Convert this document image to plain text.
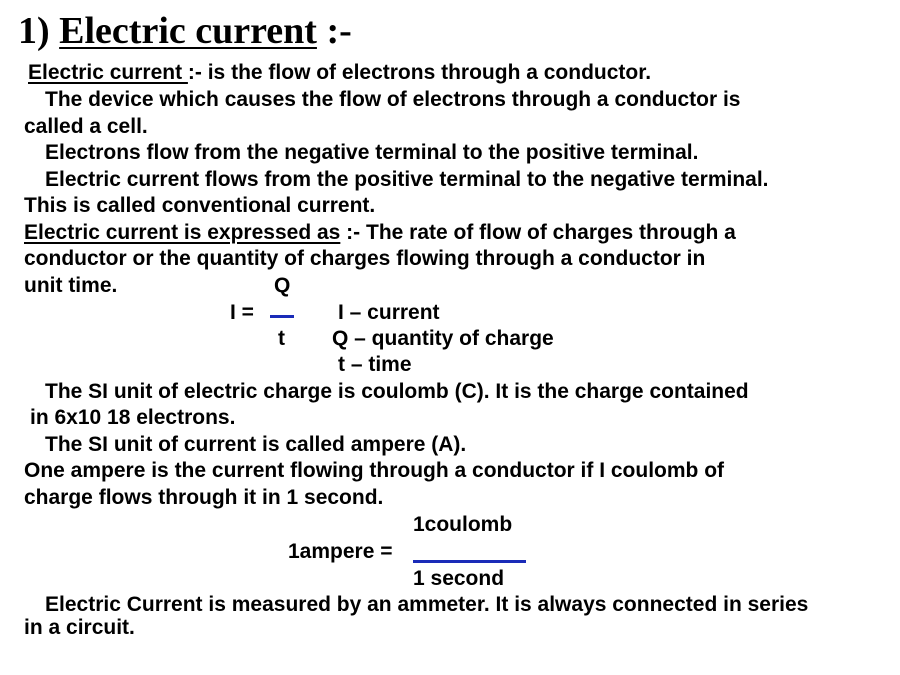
1) Electric current :-

Electric current :- is the flow of electrons through a conductor.

The device which causes the flow of electrons through a conductor is

called a cell.

Electrons flow from the negative terminal to the positive terminal.

Electric current flows from the positive terminal to the negative terminal.

This is called conventional current.

Electric current is expressed as :- The rate of flow of charges through a

conductor or the quantity of charges flowing through a conductor in

unit time.	Q

I =	I – current

t Q – quantity of charge

t – time

The SI unit of electric charge is coulomb (C). It is the charge contained

in 6x10 18 electrons.

The SI unit of current is called ampere (A).

One ampere is the current flowing through a conductor if I coulomb of

charge flows through it in 1 second.

1coulomb

1ampere =

1 second

Electric Current is measured by an ammeter. It is always connected in series

in a circuit.
